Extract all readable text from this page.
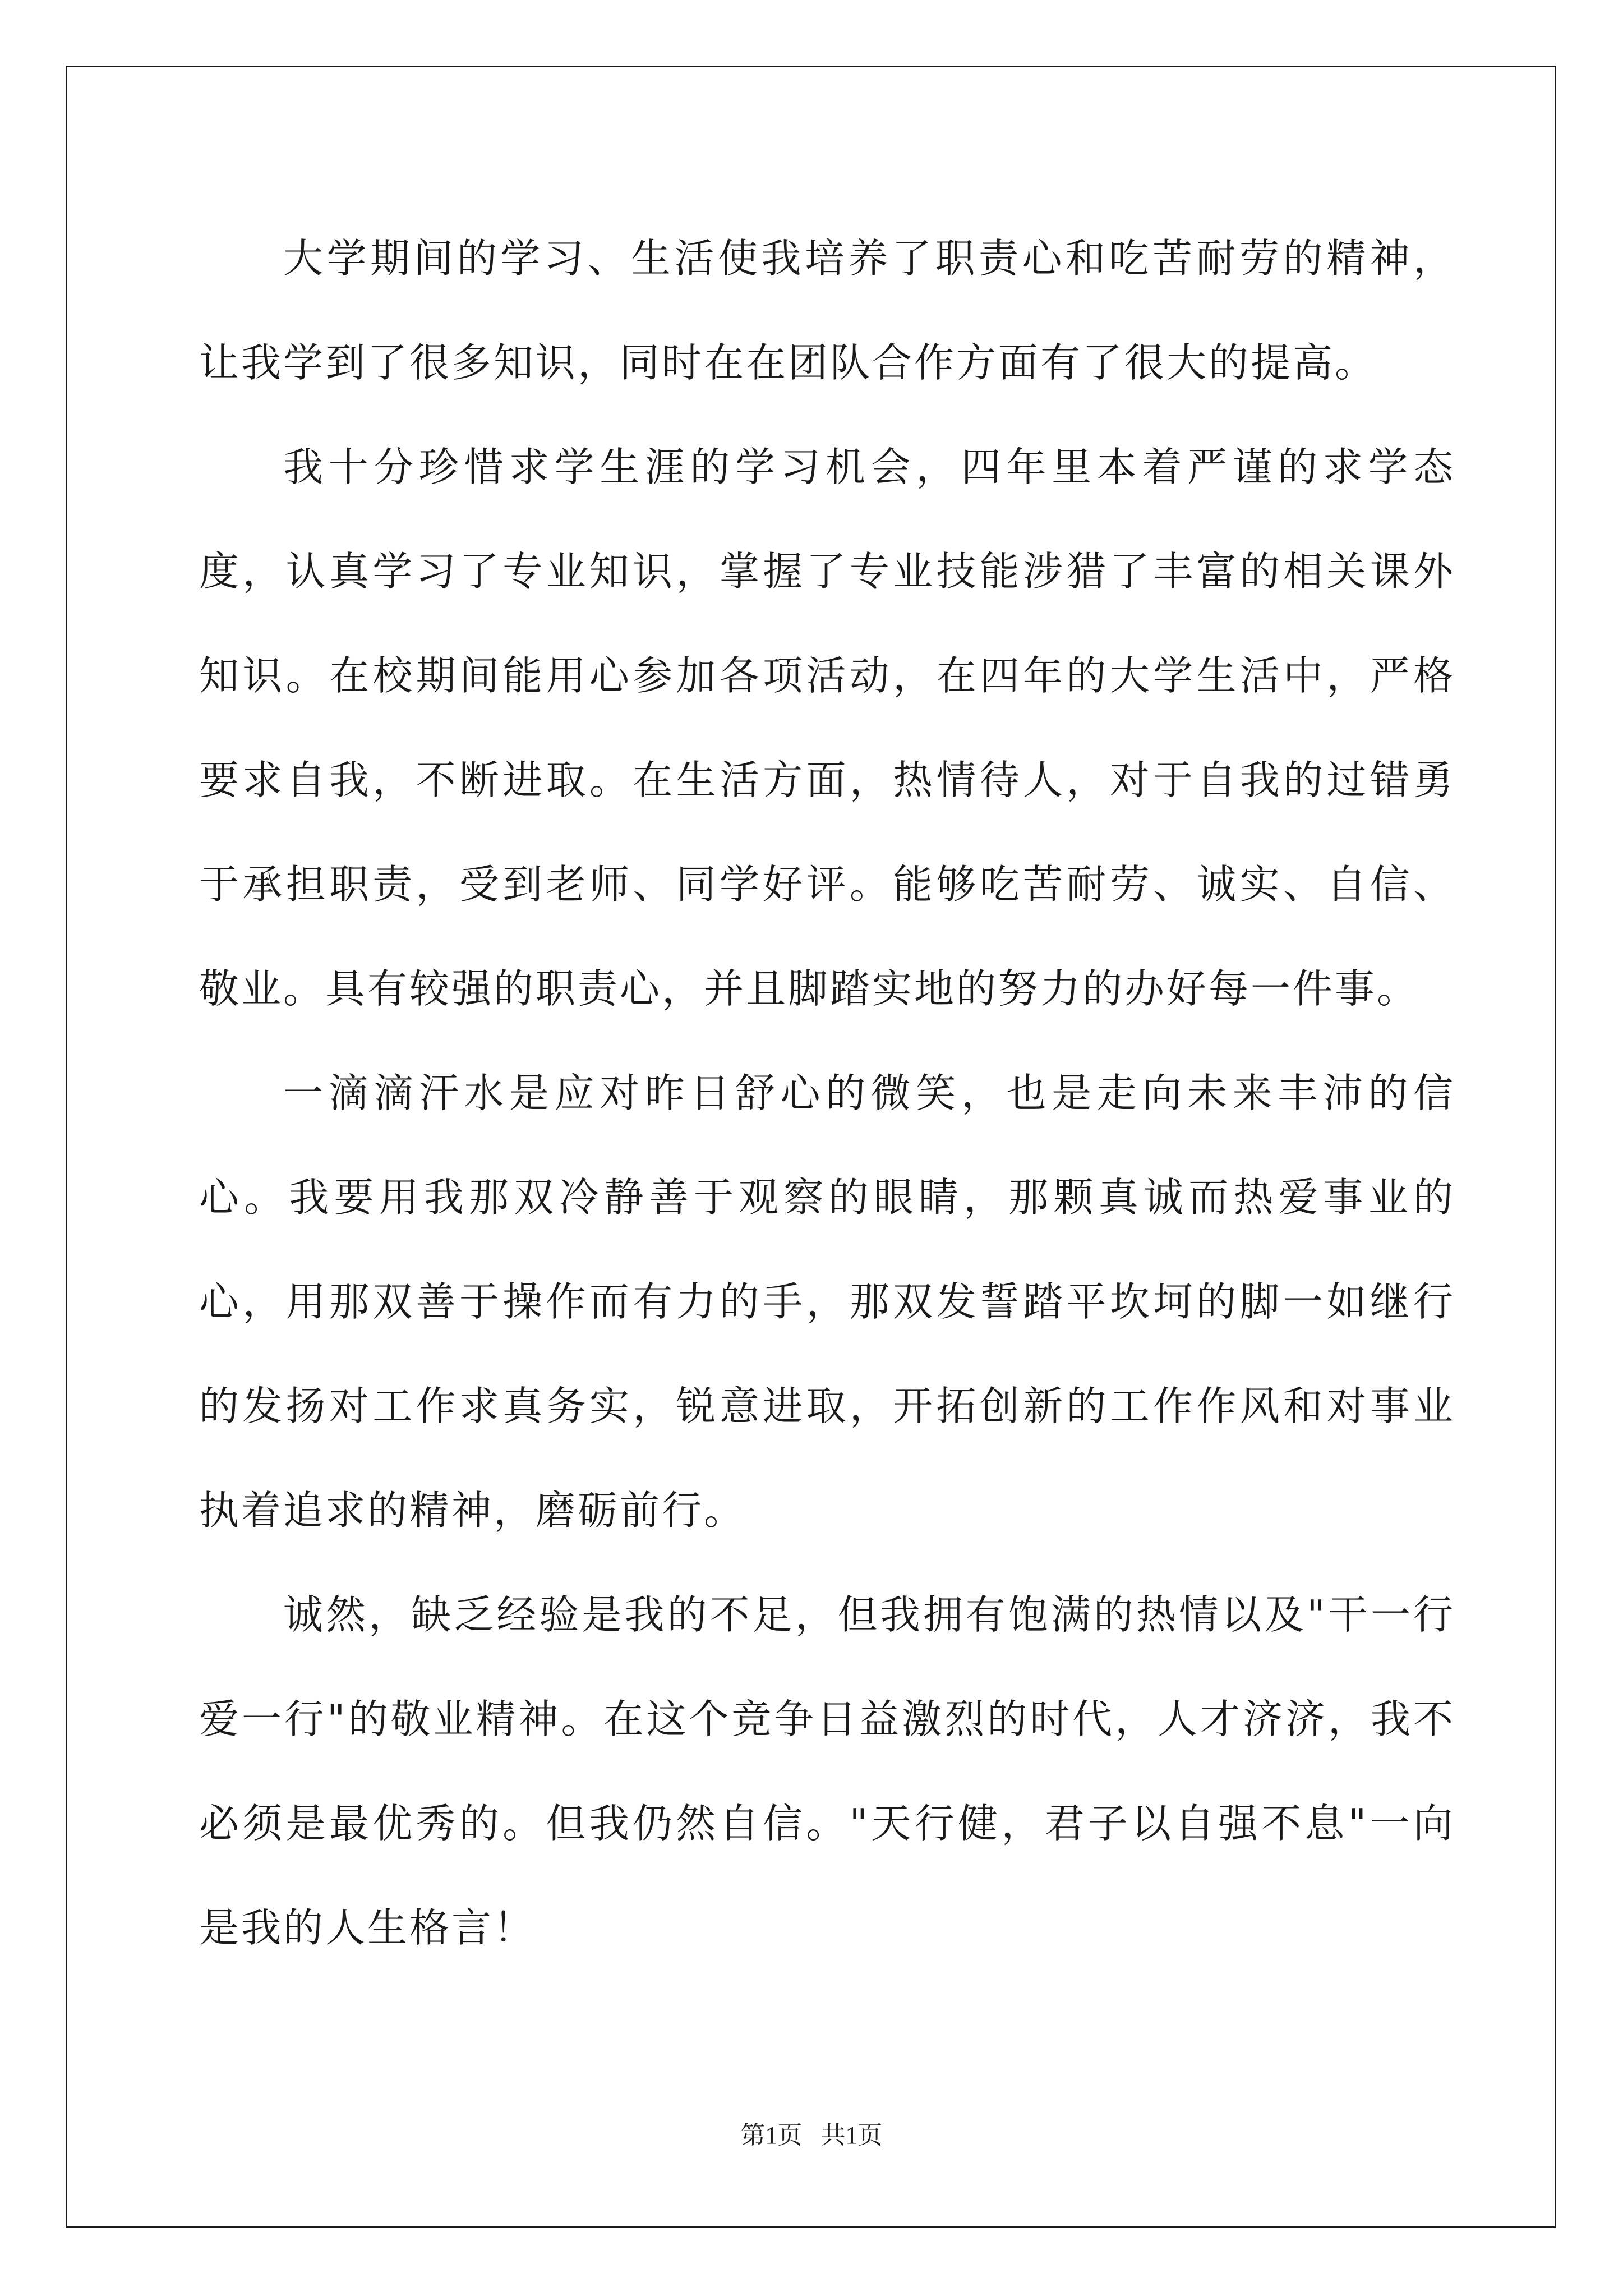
大学期间的学习、生活使我培养了职责心和吃苦耐劳的精神，让我学到了很多知识，同时在在团队合作方面有了很大的提高。

我十分珍惜求学生涯的学习机会，四年里本着严谨的求学态度，认真学习了专业知识，掌握了专业技能涉猎了丰富的相关课外知识。在校期间能用心参加各项活动，在四年的大学生活中，严格要求自我，不断进取。在生活方面，热情待人，对于自我的过错勇于承担职责，受到老师、同学好评。能够吃苦耐劳、诚实、自信、敬业。具有较强的职责心，并且脚踏实地的努力的办好每一件事。

一滴滴汗水是应对昨日舒心的微笑，也是走向未来丰沛的信心。我要用我那双冷静善于观察的眼睛，那颗真诚而热爱事业的心，用那双善于操作而有力的手，那双发誓踏平坎坷的脚一如继行的发扬对工作求真务实，锐意进取，开拓创新的工作作风和对事业执着追求的精神，磨砺前行。

诚然，缺乏经验是我的不足，但我拥有饱满的热情以及"干一行爱一行"的敬业精神。在这个竞争日益激烈的时代，人才济济，我不必须是最优秀的。但我仍然自信。"天行健，君子以自强不息"一向是我的人生格言！

第1页   共1页
